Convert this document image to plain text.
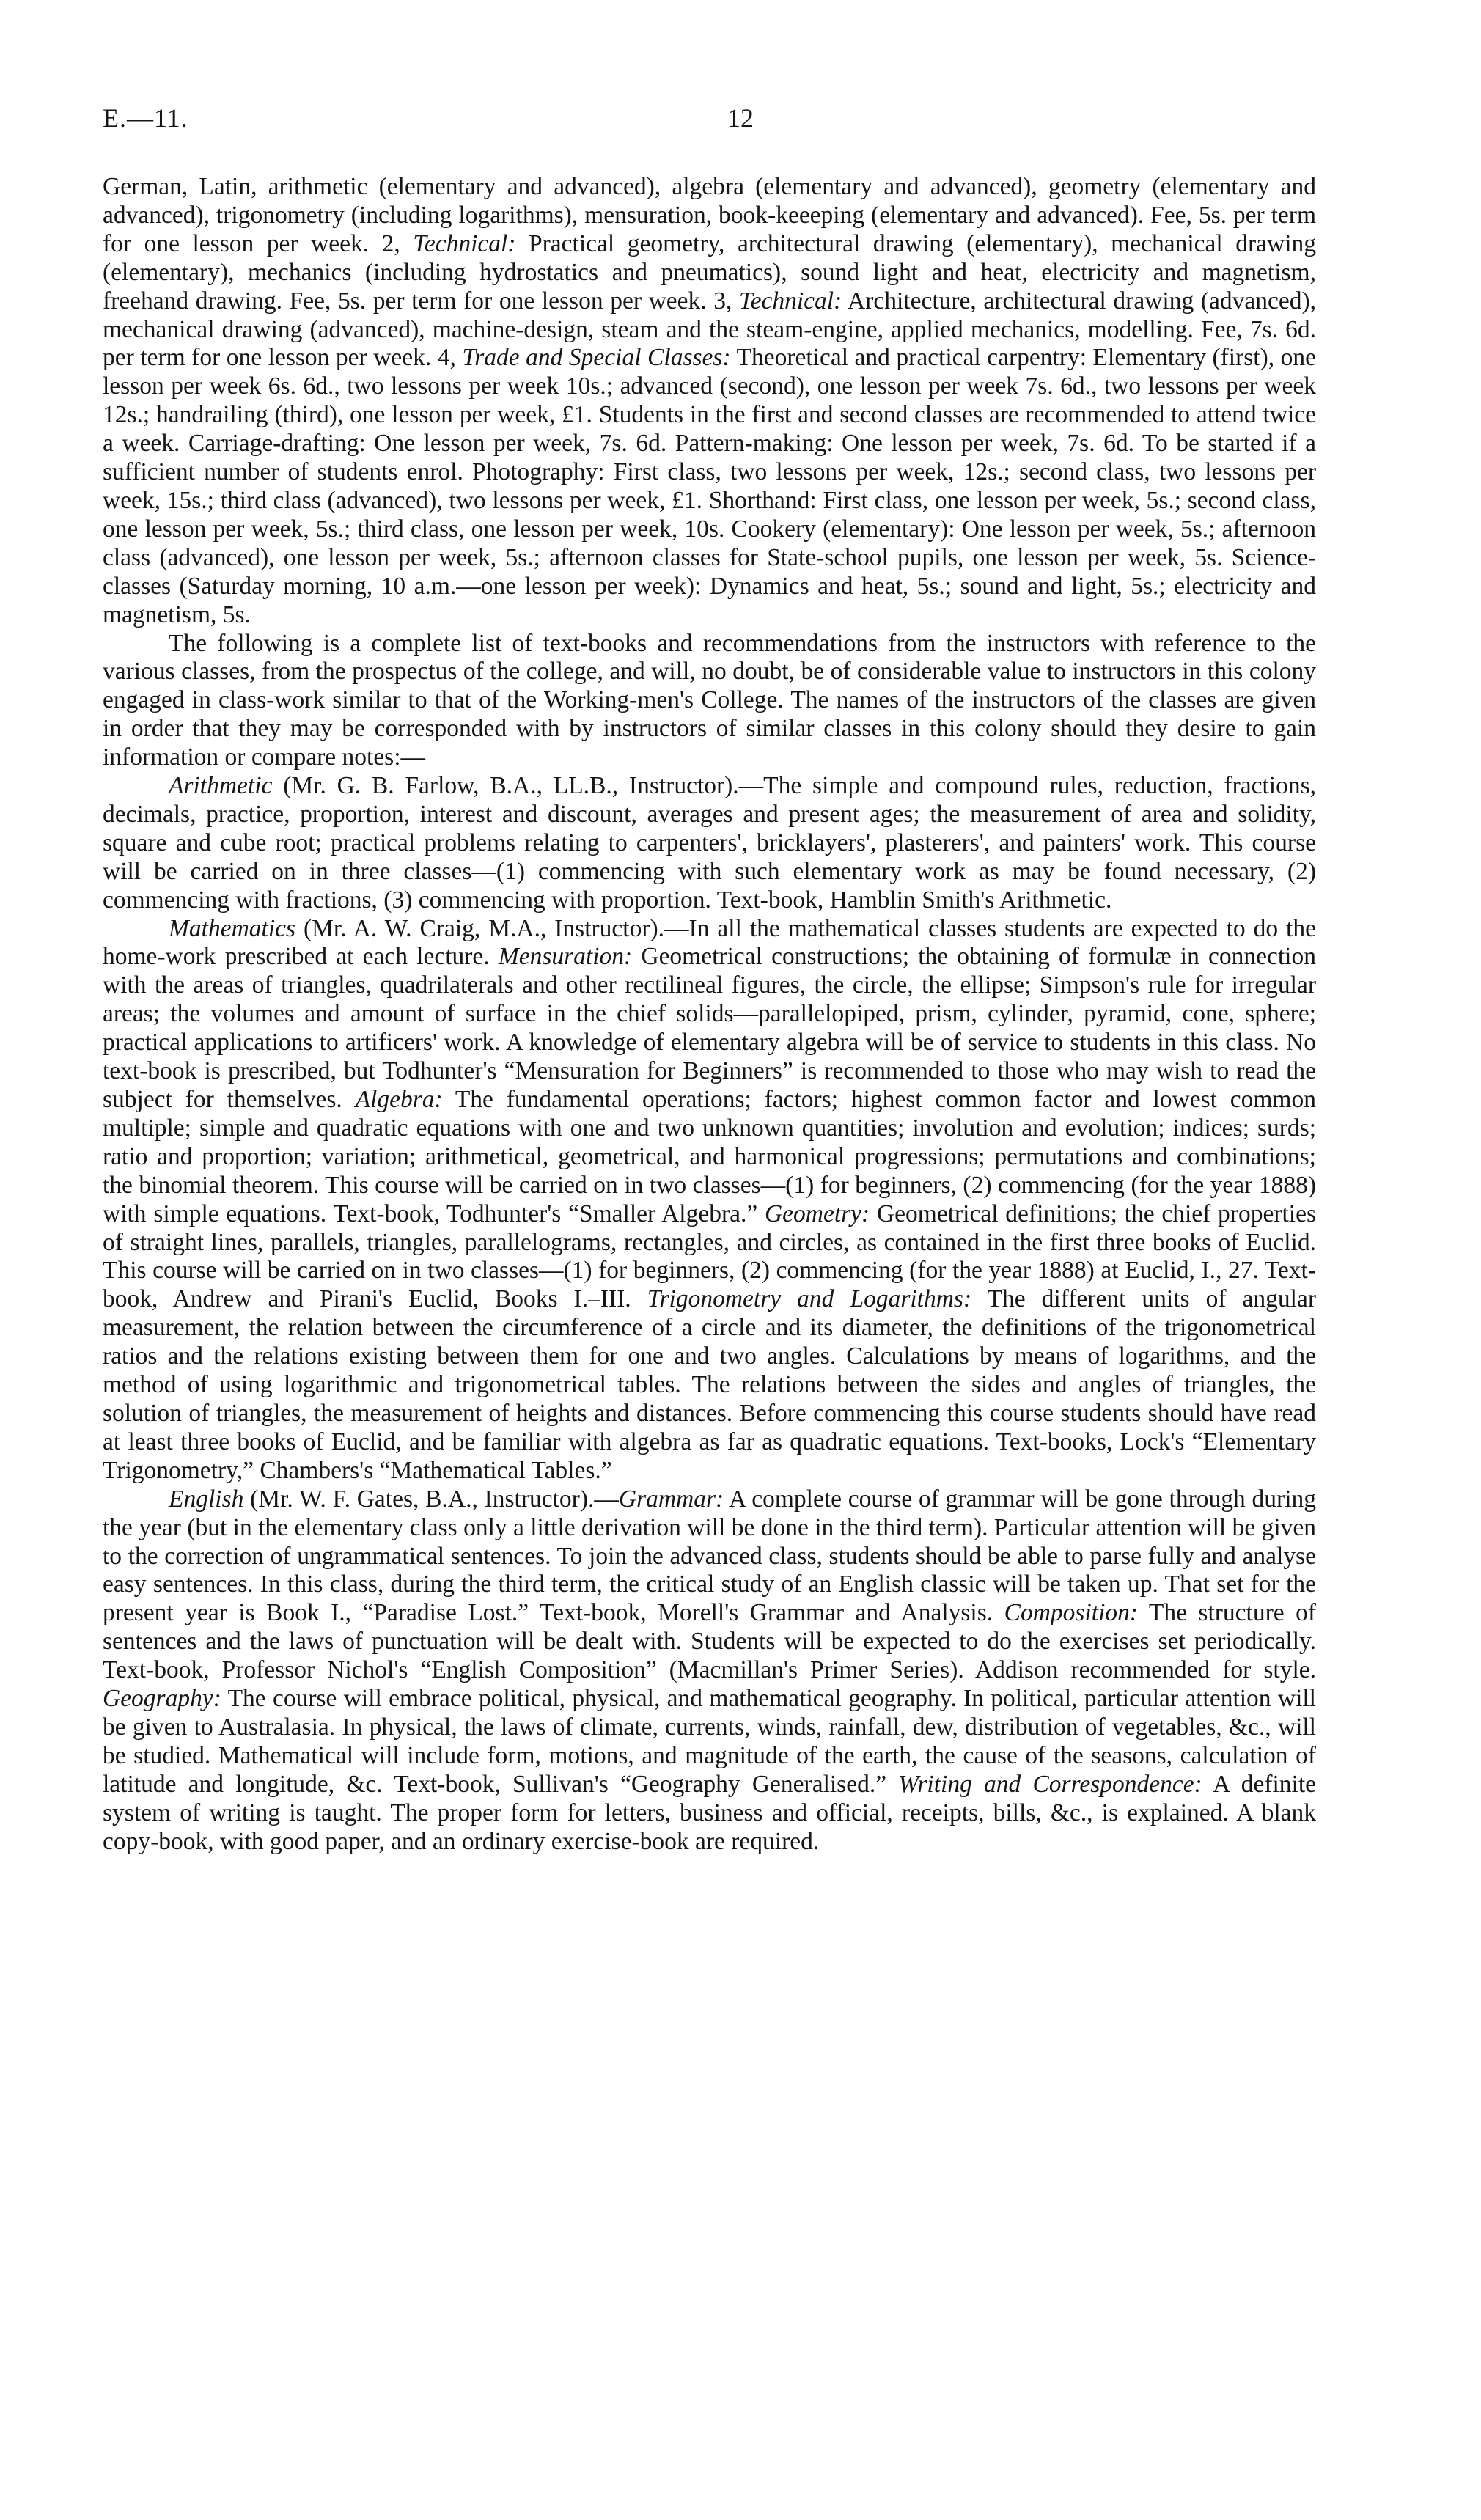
E.—11.	12

German, Latin, arithmetic (elementary and advanced), algebra (elementary and advanced), geometry (elementary and advanced), trigonometry (including logarithms), mensuration, book-keeeping (elementary and advanced). Fee, 5s. per term for one lesson per week. 2, Technical: Practical geometry, architectural drawing (elementary), mechanical drawing (elementary), mechanics (including hydrostatics and pneumatics), sound light and heat, electricity and magnetism, freehand drawing. Fee, 5s. per term for one lesson per week. 3, Technical: Architecture, architectural drawing (advanced), mechanical drawing (advanced), machine-design, steam and the steam-engine, applied mechanics, modelling. Fee, 7s. 6d. per term for one lesson per week. 4, Trade and Special Classes: Theoretical and practical carpentry: Elementary (first), one lesson per week 6s. 6d., two lessons per week 10s.; advanced (second), one lesson per week 7s. 6d., two lessons per week 12s.; handrailing (third), one lesson per week, £1. Students in the first and second classes are recommended to attend twice a week. Carriage-drafting: One lesson per week, 7s. 6d. Pattern-making: One lesson per week, 7s. 6d. To be started if a sufficient number of students enrol. Photography: First class, two lessons per week, 12s.; second class, two lessons per week, 15s.; third class (advanced), two lessons per week, £1. Shorthand: First class, one lesson per week, 5s.; second class, one lesson per week, 5s.; third class, one lesson per week, 10s. Cookery (elementary): One lesson per week, 5s.; afternoon class (advanced), one lesson per week, 5s.; afternoon classes for State-school pupils, one lesson per week, 5s. Science-classes (Saturday morning, 10 a.m.—one lesson per week): Dynamics and heat, 5s.; sound and light, 5s.; electricity and magnetism, 5s.

The following is a complete list of text-books and recommendations from the instructors with reference to the various classes, from the prospectus of the college, and will, no doubt, be of considerable value to instructors in this colony engaged in class-work similar to that of the Working-men's College. The names of the instructors of the classes are given in order that they may be corresponded with by instructors of similar classes in this colony should they desire to gain information or compare notes:—

Arithmetic (Mr. G. B. Farlow, B.A., LL.B., Instructor).—The simple and compound rules, reduction, fractions, decimals, practice, proportion, interest and discount, averages and present ages; the measurement of area and solidity, square and cube root; practical problems relating to carpenters', bricklayers', plasterers', and painters' work. This course will be carried on in three classes—(1) commencing with such elementary work as may be found necessary, (2) commencing with fractions, (3) commencing with proportion. Text-book, Hamblin Smith's Arithmetic.

Mathematics (Mr. A. W. Craig, M.A., Instructor).—In all the mathematical classes students are expected to do the home-work prescribed at each lecture. Mensuration: Geometrical constructions; the obtaining of formulæ in connection with the areas of triangles, quadrilaterals and other rectilineal figures, the circle, the ellipse; Simpson's rule for irregular areas; the volumes and amount of surface in the chief solids—parallelopiped, prism, cylinder, pyramid, cone, sphere; practical applications to artificers' work. A knowledge of elementary algebra will be of service to students in this class. No text-book is prescribed, but Todhunter's “Mensuration for Beginners” is recommended to those who may wish to read the subject for themselves. Algebra: The fundamental operations; factors; highest common factor and lowest common multiple; simple and quadratic equations with one and two unknown quantities; involution and evolution; indices; surds; ratio and proportion; variation; arithmetical, geometrical, and harmonical progressions; permutations and combinations; the binomial theorem. This course will be carried on in two classes—(1) for beginners, (2) commencing (for the year 1888) with simple equations. Text-book, Todhunter's “Smaller Algebra.” Geometry: Geometrical definitions; the chief properties of straight lines, parallels, triangles, parallelograms, rectangles, and circles, as contained in the first three books of Euclid. This course will be carried on in two classes—(1) for beginners, (2) commencing (for the year 1888) at Euclid, I., 27. Text-book, Andrew and Pirani's Euclid, Books I.–III. Trigonometry and Logarithms: The different units of angular measurement, the relation between the circumference of a circle and its diameter, the definitions of the trigonometrical ratios and the relations existing between them for one and two angles. Calculations by means of logarithms, and the method of using logarithmic and trigonometrical tables. The relations between the sides and angles of triangles, the solution of triangles, the measurement of heights and distances. Before commencing this course students should have read at least three books of Euclid, and be familiar with algebra as far as quadratic equations. Text-books, Lock's “Elementary Trigonometry,” Chambers's “Mathematical Tables.”

English (Mr. W. F. Gates, B.A., Instructor).—Grammar: A complete course of grammar will be gone through during the year (but in the elementary class only a little derivation will be done in the third term). Particular attention will be given to the correction of ungrammatical sentences. To join the advanced class, students should be able to parse fully and analyse easy sentences. In this class, during the third term, the critical study of an English classic will be taken up. That set for the present year is Book I., “Paradise Lost.” Text-book, Morell's Grammar and Analysis. Composition: The structure of sentences and the laws of punctuation will be dealt with. Students will be expected to do the exercises set periodically. Text-book, Professor Nichol's “English Composition” (Macmillan's Primer Series). Addison recommended for style. Geography: The course will embrace political, physical, and mathematical geography. In political, particular attention will be given to Australasia. In physical, the laws of climate, currents, winds, rainfall, dew, distribution of vegetables, &c., will be studied. Mathematical will include form, motions, and magnitude of the earth, the cause of the seasons, calculation of latitude and longitude, &c. Text-book, Sullivan's “Geography Generalised.” Writing and Correspondence: A definite system of writing is taught. The proper form for letters, business and official, receipts, bills, &c., is explained. A blank copy-book, with good paper, and an ordinary exercise-book are required.
